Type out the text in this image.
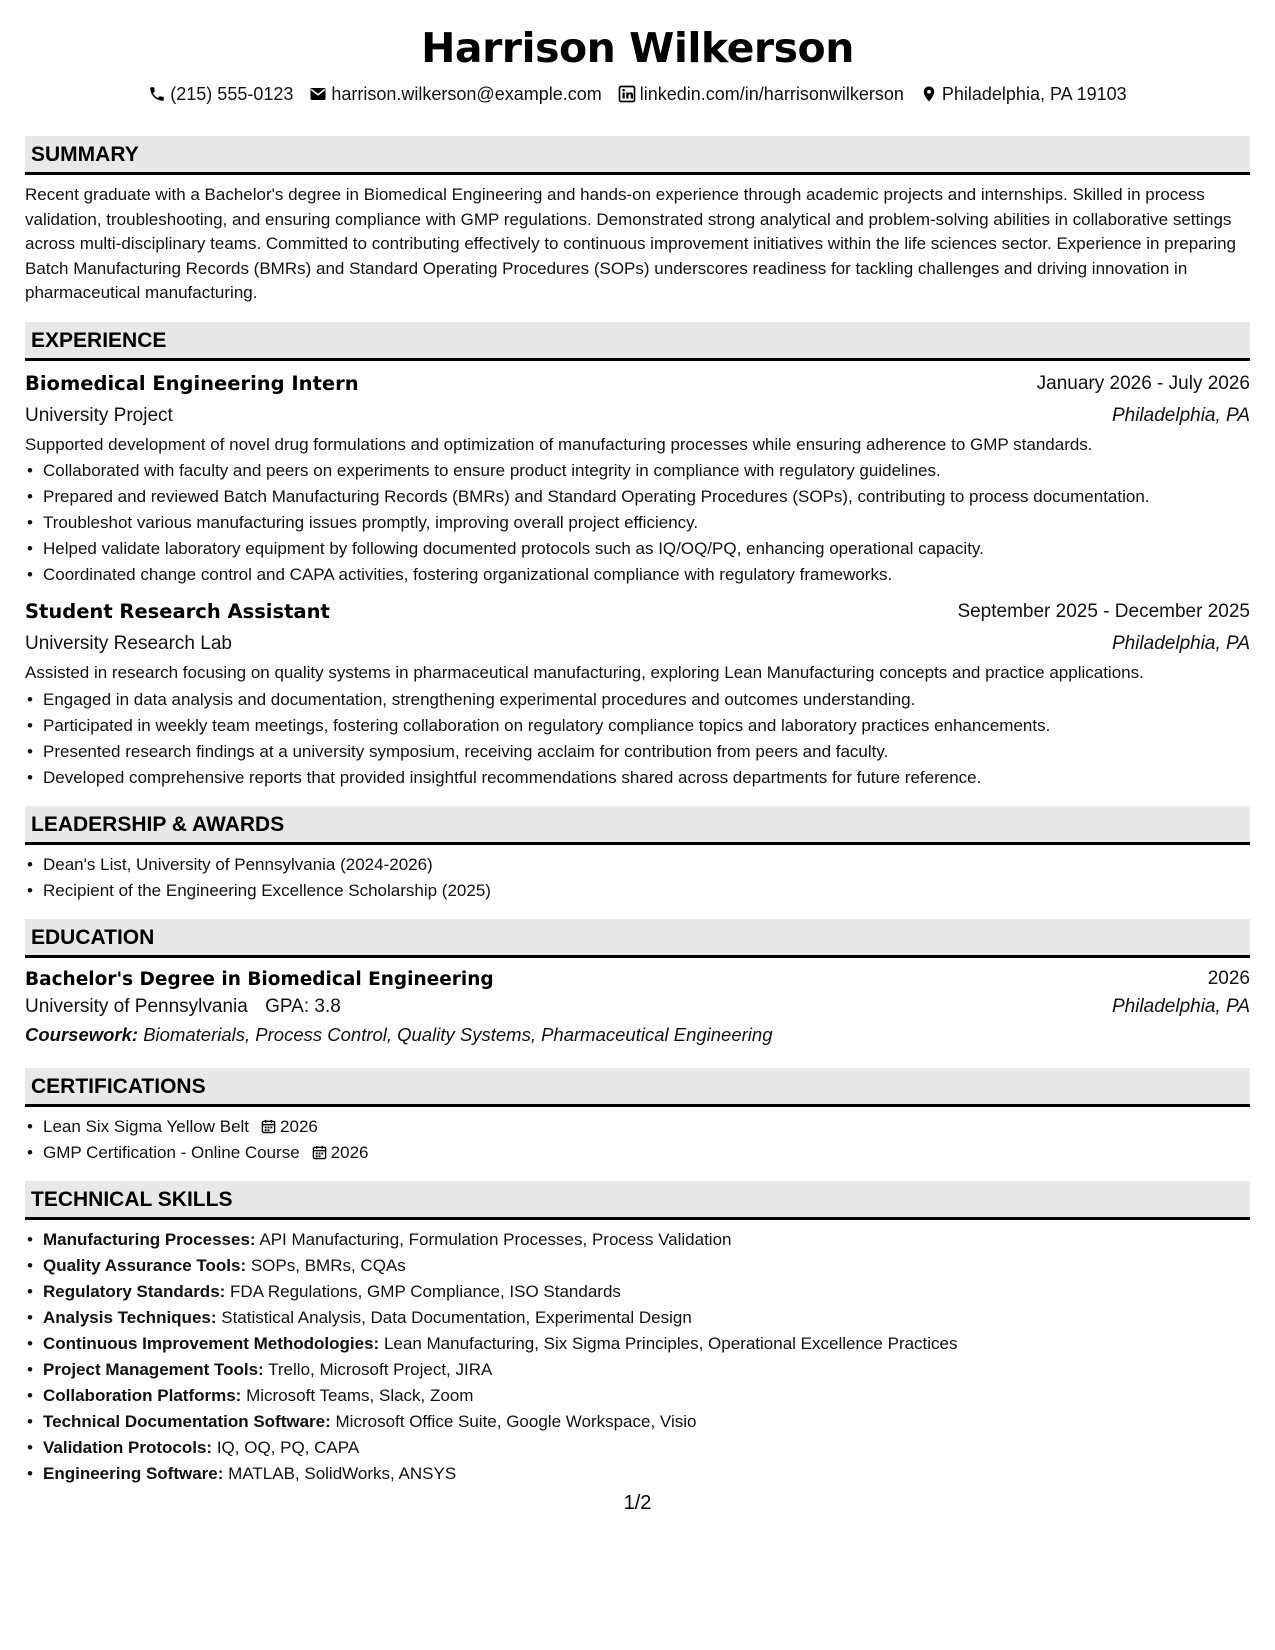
Harrison Wilkerson
(215) 555-0123 harrison.wilkerson@example.com linkedin.com/in/harrisonwilkerson Philadelphia, PA 19103
SUMMARY
Recent graduate with a Bachelor's degree in Biomedical Engineering and hands-on experience through academic projects and internships. Skilled in process validation, troubleshooting, and ensuring compliance with GMP regulations. Demonstrated strong analytical and problem-solving abilities in collaborative settings across multi-disciplinary teams. Committed to contributing effectively to continuous improvement initiatives within the life sciences sector. Experience in preparing Batch Manufacturing Records (BMRs) and Standard Operating Procedures (SOPs) underscores readiness for tackling challenges and driving innovation in pharmaceutical manufacturing.
EXPERIENCE
Biomedical Engineering Intern	January 2026 - July 2026
University Project	Philadelphia, PA
Supported development of novel drug formulations and optimization of manufacturing processes while ensuring adherence to GMP standards.
• Collaborated with faculty and peers on experiments to ensure product integrity in compliance with regulatory guidelines.
• Prepared and reviewed Batch Manufacturing Records (BMRs) and Standard Operating Procedures (SOPs), contributing to process documentation.
• Troubleshot various manufacturing issues promptly, improving overall project efficiency.
• Helped validate laboratory equipment by following documented protocols such as IQ/OQ/PQ, enhancing operational capacity.
• Coordinated change control and CAPA activities, fostering organizational compliance with regulatory frameworks.
Student Research Assistant	September 2025 - December 2025
University Research Lab	Philadelphia, PA
Assisted in research focusing on quality systems in pharmaceutical manufacturing, exploring Lean Manufacturing concepts and practice applications.
• Engaged in data analysis and documentation, strengthening experimental procedures and outcomes understanding.
• Participated in weekly team meetings, fostering collaboration on regulatory compliance topics and laboratory practices enhancements.
• Presented research findings at a university symposium, receiving acclaim for contribution from peers and faculty.
• Developed comprehensive reports that provided insightful recommendations shared across departments for future reference.
LEADERSHIP & AWARDS
• Dean's List, University of Pennsylvania (2024-2026)
• Recipient of the Engineering Excellence Scholarship (2025)
EDUCATION
Bachelor's Degree in Biomedical Engineering	2026
University of Pennsylvania GPA: 3.8	Philadelphia, PA
Coursework: Biomaterials, Process Control, Quality Systems, Pharmaceutical Engineering
CERTIFICATIONS
• Lean Six Sigma Yellow Belt 2026
• GMP Certification - Online Course 2026
TECHNICAL SKILLS
• Manufacturing Processes: API Manufacturing, Formulation Processes, Process Validation
• Quality Assurance Tools: SOPs, BMRs, CQAs
• Regulatory Standards: FDA Regulations, GMP Compliance, ISO Standards
• Analysis Techniques: Statistical Analysis, Data Documentation, Experimental Design
• Continuous Improvement Methodologies: Lean Manufacturing, Six Sigma Principles, Operational Excellence Practices
• Project Management Tools: Trello, Microsoft Project, JIRA
• Collaboration Platforms: Microsoft Teams, Slack, Zoom
• Technical Documentation Software: Microsoft Office Suite, Google Workspace, Visio
• Validation Protocols: IQ, OQ, PQ, CAPA
• Engineering Software: MATLAB, SolidWorks, ANSYS
1/2
